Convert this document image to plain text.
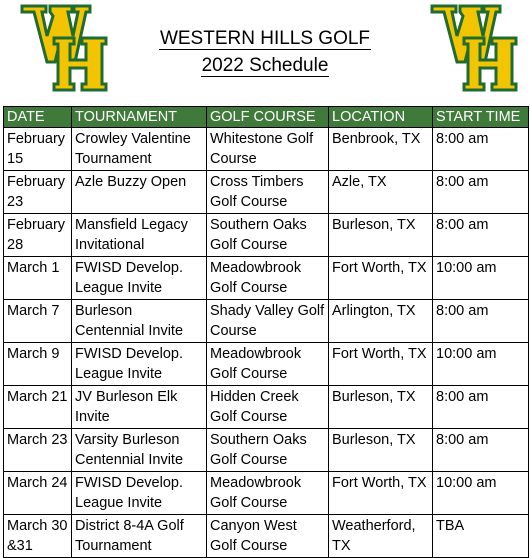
WESTERN HILLS GOLF
2022 Schedule
DATE	TOURNAMENT	GOLF COURSE	LOCATION	START TIME
February 15	Crowley Valentine Tournament	Whitestone Golf Course	Benbrook, TX	8:00 am
February 23	Azle Buzzy Open	Cross Timbers Golf Course	Azle, TX	8:00 am
February 28	Mansfield Legacy Invitational	Southern Oaks Golf Course	Burleson, TX	8:00 am
March 1	FWISD Develop. League Invite	Meadowbrook Golf Course	Fort Worth, TX	10:00 am
March 7	Burleson Centennial Invite	Shady Valley Golf Course	Arlington, TX	8:00 am
March 9	FWISD Develop. League Invite	Meadowbrook Golf Course	Fort Worth, TX	10:00 am
March 21	JV Burleson Elk Invite	Hidden Creek Golf Course	Burleson, TX	8:00 am
March 23	Varsity Burleson Centennial Invite	Southern Oaks Golf Course	Burleson, TX	8:00 am
March 24	FWISD Develop. League Invite	Meadowbrook Golf Course	Fort Worth, TX	10:00 am
March 30 &31	District 8-4A Golf Tournament	Canyon West Golf Course	Weatherford, TX	TBA
